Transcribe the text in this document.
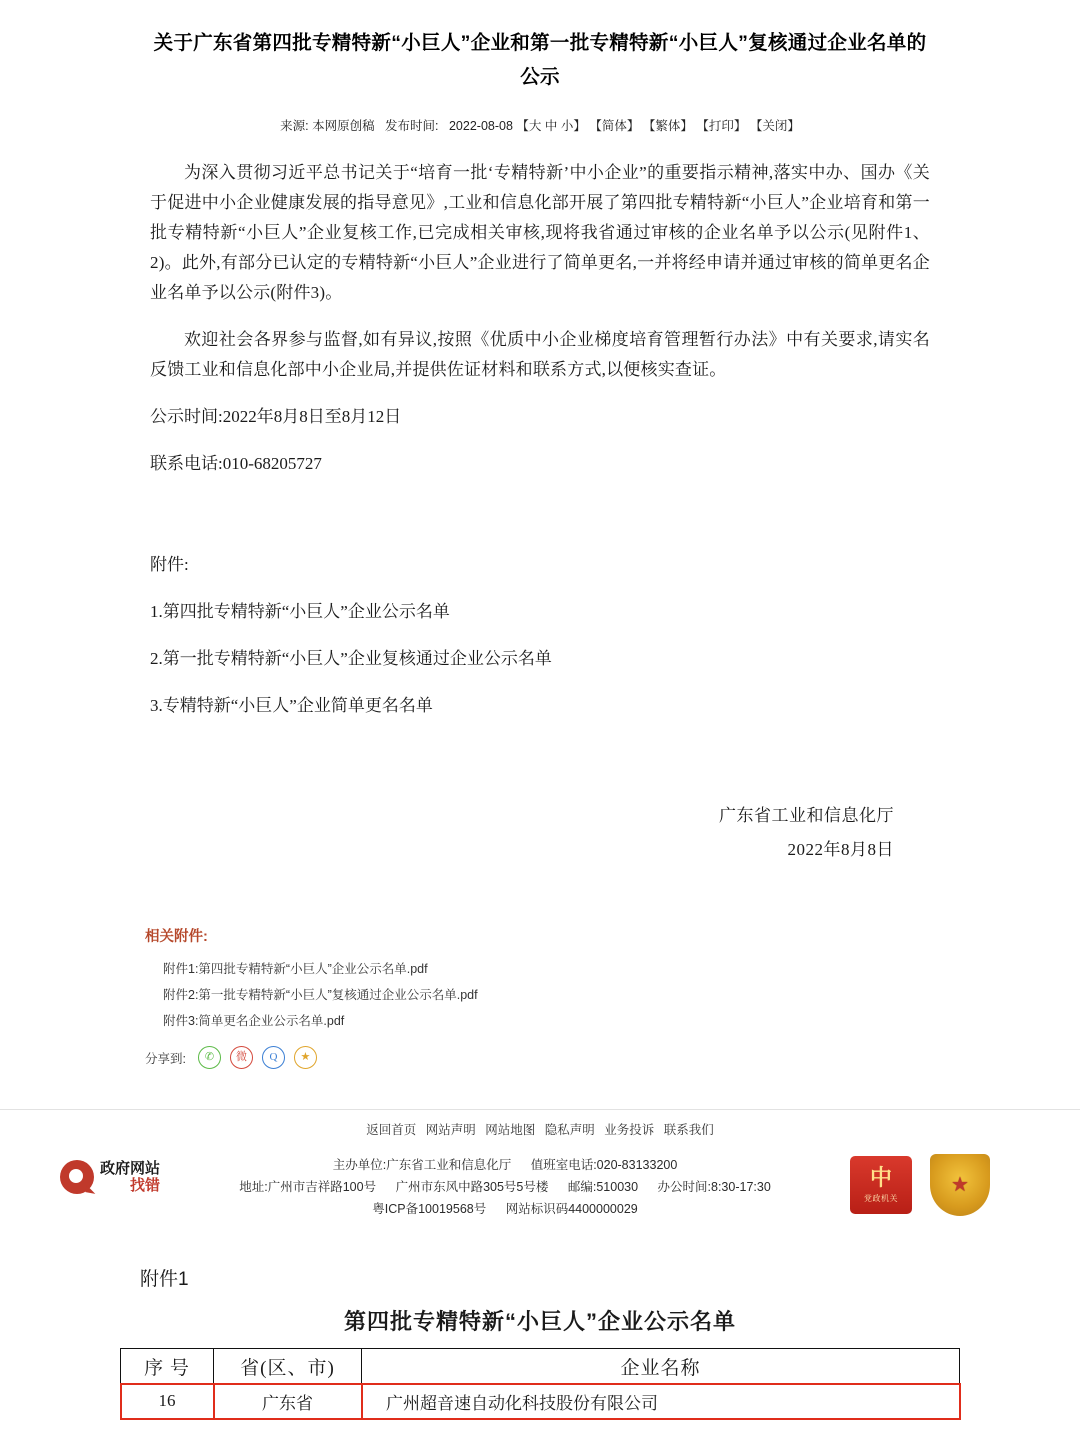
关于广东省第四批专精特新“小巨人”企业和第一批专精特新“小巨人”复核通过企业名单的公示
来源: 本网原创稿 发布时间: 2022-08-08 【大 中 小】 【简体】 【繁体】 【打印】 【关闭】

为深入贯彻习近平总书记关于“培育一批‘专精特新’中小企业”的重要指示精神,落实中办、国办《关于促进中小企业健康发展的指导意见》,工业和信息化部开展了第四批专精特新“小巨人”企业培育和第一批专精特新“小巨人”企业复核工作,已完成相关审核,现将我省通过审核的企业名单予以公示(见附件1、2)。此外,有部分已认定的专精特新“小巨人”企业进行了简单更名,一并将经申请并通过审核的简单更名企业名单予以公示(附件3)。

欢迎社会各界参与监督,如有异议,按照《优质中小企业梯度培育管理暂行办法》中有关要求,请实名反馈工业和信息化部中小企业局,并提供佐证材料和联系方式,以便核实查证。

公示时间:2022年8月8日至8月12日

联系电话:010-68205727

附件:

1.第四批专精特新“小巨人”企业公示名单

2.第一批专精特新“小巨人”企业复核通过企业公示名单

3.专精特新“小巨人”企业简单更名名单

广东省工业和信息化厅
2022年8月8日
相关附件:
附件1:第四批专精特新“小巨人”企业公示名单.pdf
附件2:第一批专精特新“小巨人”复核通过企业公示名单.pdf
附件3:简单更名企业公示名单.pdf
分享到:	✆	微	Q	★
返回首页 网站声明 网站地图 隐私声明 业务投诉 联系我们
政府网站
找错
主办单位:广东省工业和信息化厅 值班室电话:020-83133200
地址:广州市吉祥路100号 广州市东风中路305号5号楼 邮编:510030 办公时间:8:30-17:30
粤ICP备10019568号 网站标识码4400000029
中
党政机关
★
附件1
第四批专精特新“小巨人”企业公示名单
序 号	省(区、市)	企业名称
16	广东省	广州超音速自动化科技股份有限公司
